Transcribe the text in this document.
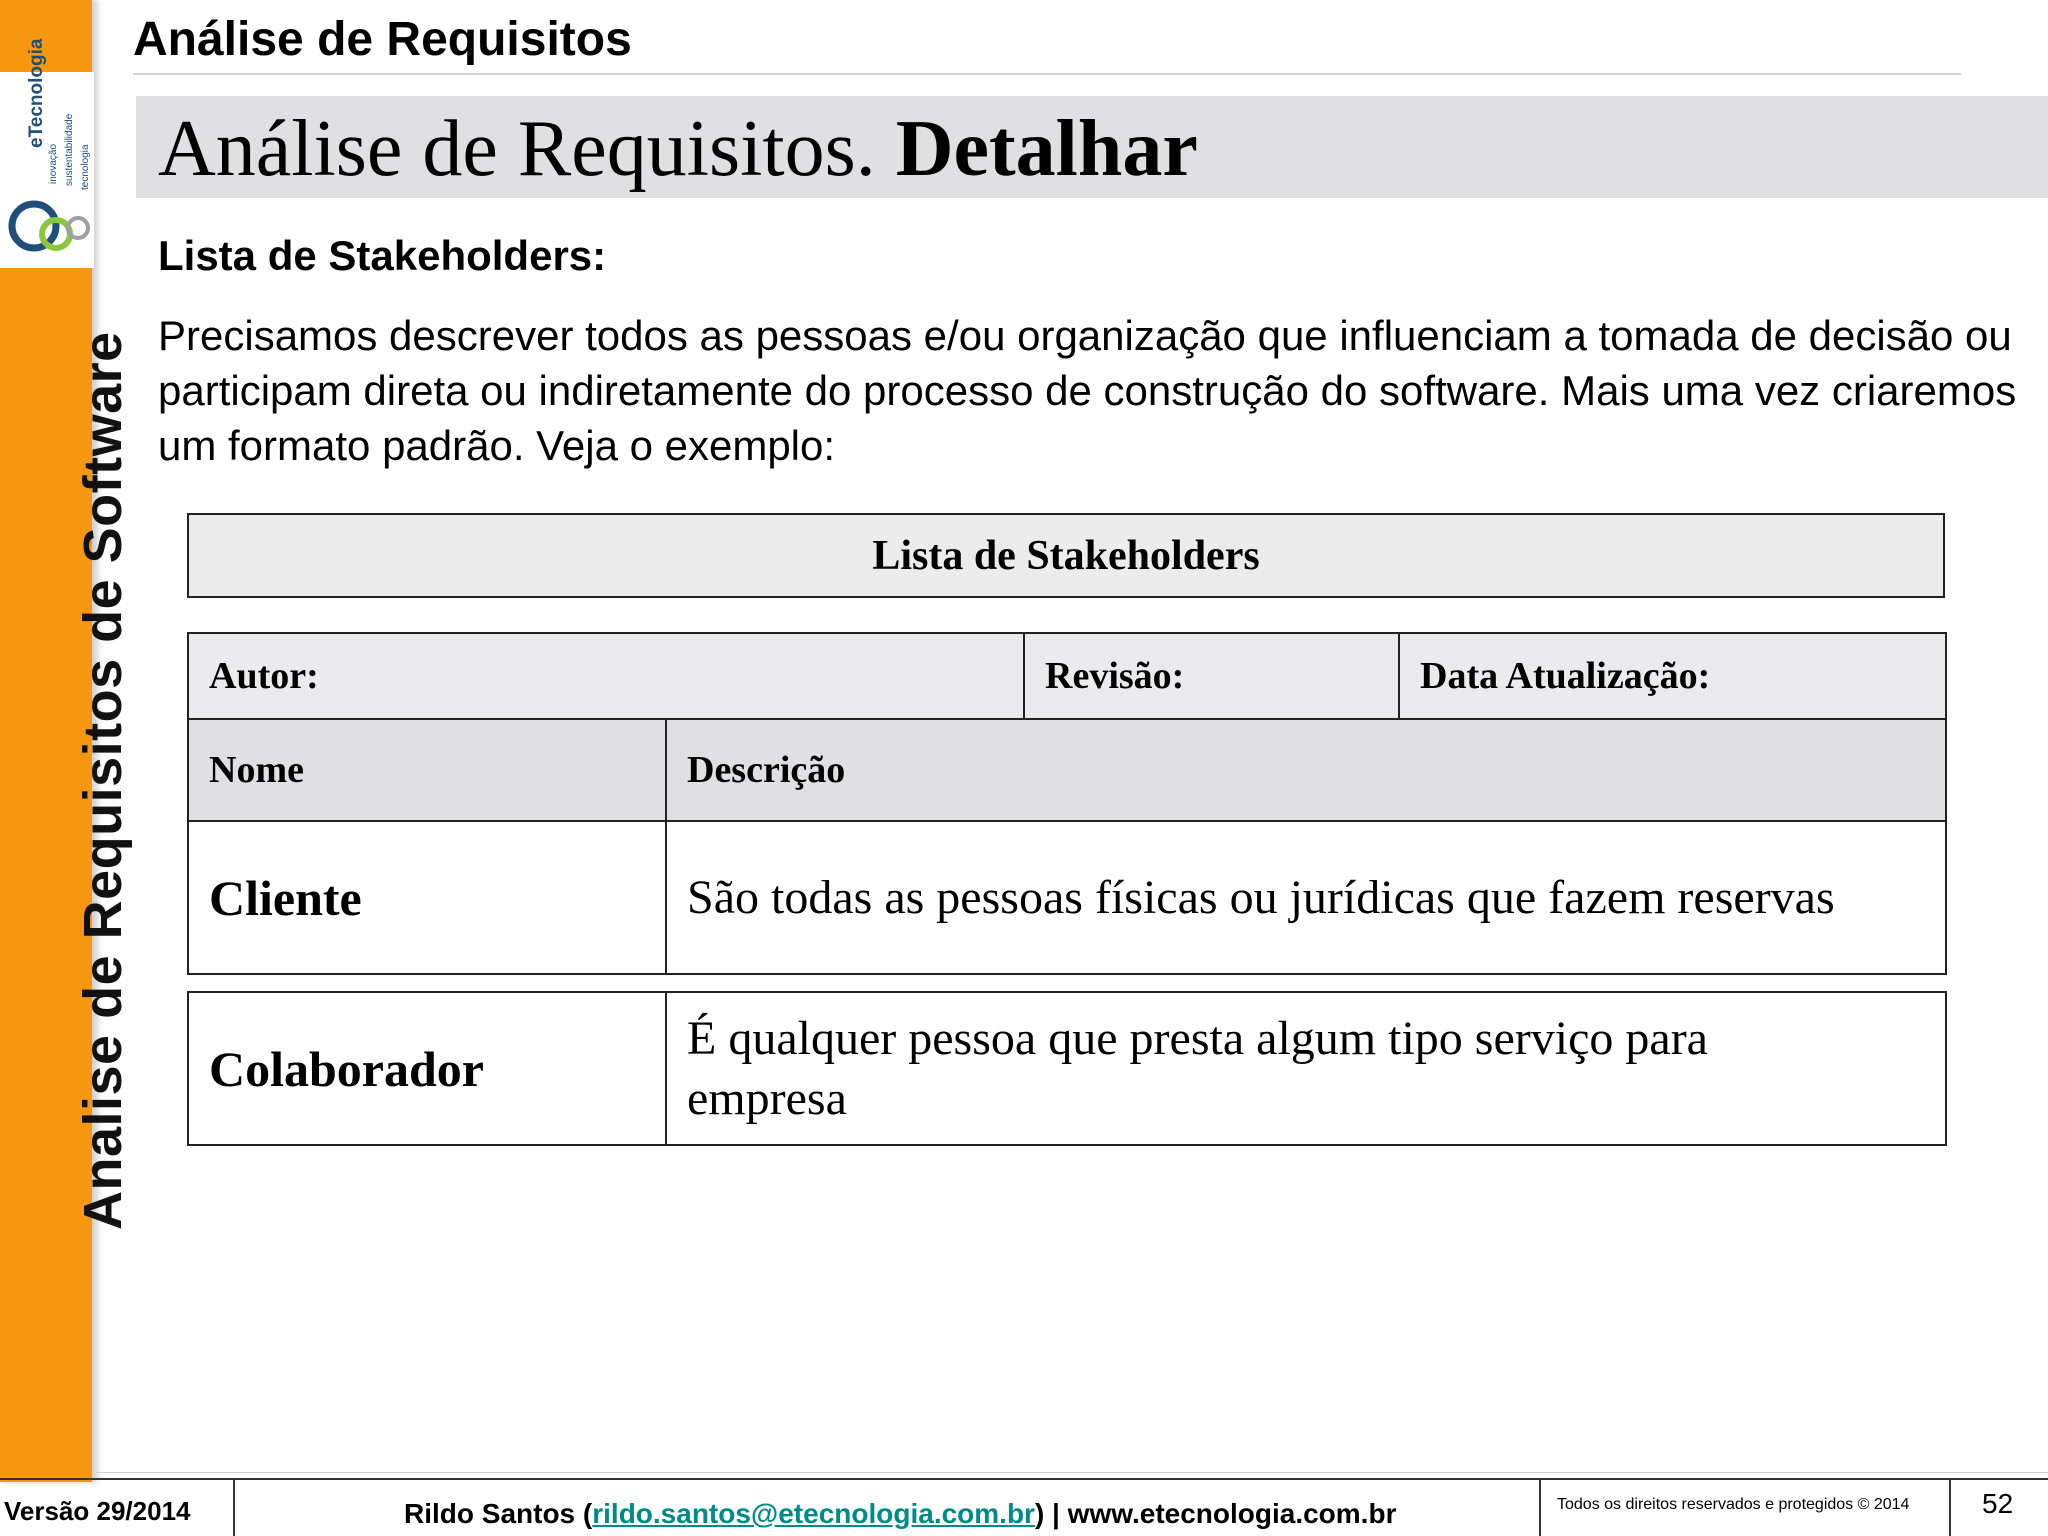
eTecnologia
inovação sustentabilidade tecnologia
Analise de Requisitos de Software
Análise de Requisitos
Análise de Requisitos. Detalhar
Lista de Stakeholders:

Precisamos descrever todos as pessoas e/ou organização que influenciam a tomada de decisão ou participam direta ou indiretamente do processo de construção do software. Mais uma vez criaremos um formato padrão. Veja o exemplo:

Lista de Stakeholders
Autor:		Revisão:	Data Atualização:
Nome	Descrição		
Cliente	São todas as pessoas físicas ou jurídicas que fazem reservas		
Colaborador	É qualquer pessoa que presta algum tipo serviço para empresa
Versão 29/2014	Rildo Santos (rildo.santos@etecnologia.com.br) | www.etecnologia.com.br	Todos os direitos reservados e protegidos © 2014	52
